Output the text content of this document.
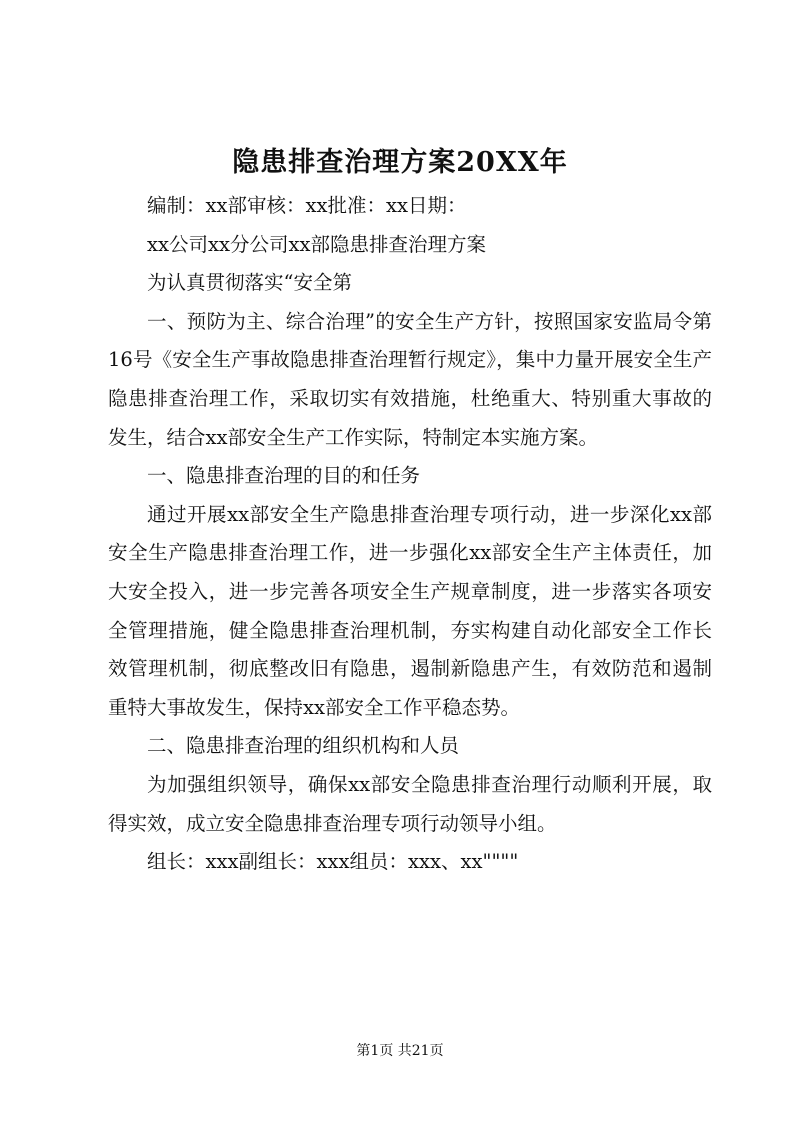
隐患排查治理方案20XX年

编制：xx部审核：xx批准：xx日期：

xx公司xx分公司xx部隐患排查治理方案

为认真贯彻落实“安全第

一、预防为主、综合治理”的安全生产方针，按照国家安监局令第16号《安全生产事故隐患排查治理暂行规定》，集中力量开展安全生产隐患排查治理工作，采取切实有效措施，杜绝重大、特别重大事故的发生，结合xx部安全生产工作实际，特制定本实施方案。

一、隐患排查治理的目的和任务

通过开展xx部安全生产隐患排查治理专项行动，进一步深化xx部安全生产隐患排查治理工作，进一步强化xx部安全生产主体责任，加大安全投入，进一步完善各项安全生产规章制度，进一步落实各项安全管理措施，健全隐患排查治理机制，夯实构建自动化部安全工作长效管理机制，彻底整改旧有隐患，遏制新隐患产生，有效防范和遏制重特大事故发生，保持xx部安全工作平稳态势。

二、隐患排查治理的组织机构和人员

为加强组织领导，确保xx部安全隐患排查治理行动顺利开展，取得实效，成立安全隐患排查治理专项行动领导小组。

组长：xxx副组长：xxx组员：xxx、xx""""

第1页 共21页
